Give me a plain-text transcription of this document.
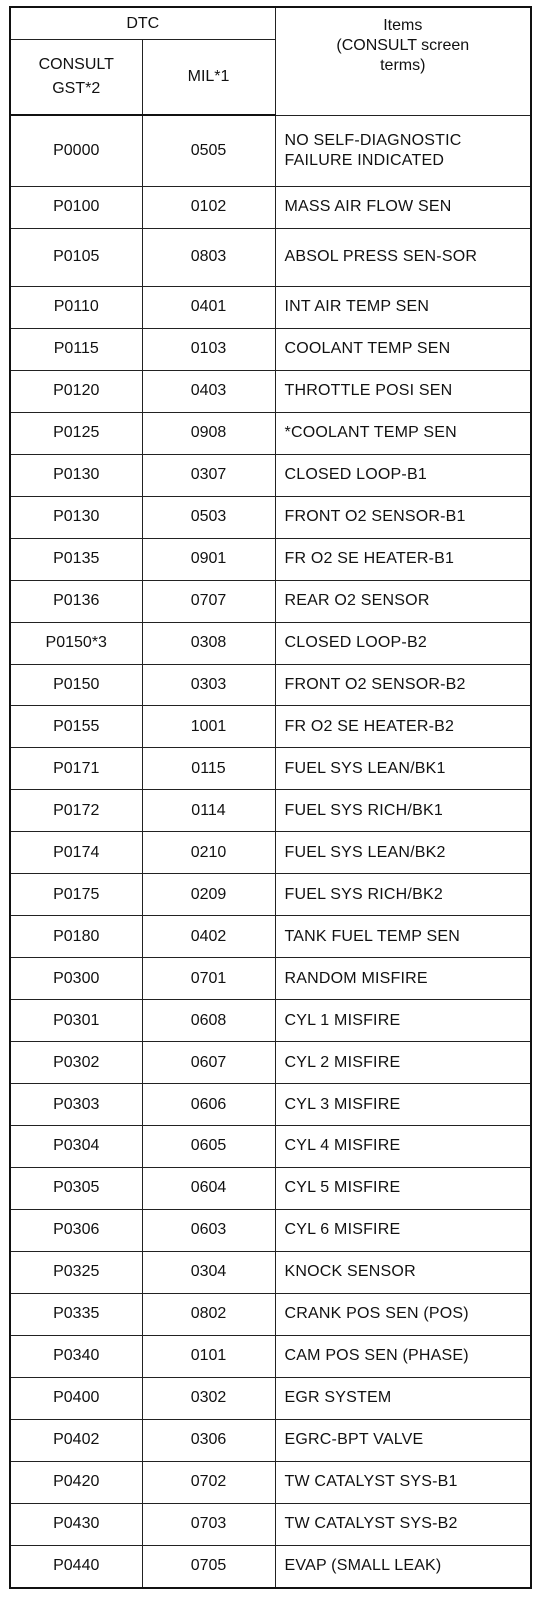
DTC		Items
(CONSULT screen
terms)

CONSULT GST*2	MIL*1	
P0000	0505	NO SELF-DIAGNOSTIC FAILURE INDICATED
P0100	0102	MASS AIR FLOW SEN
P0105	0803	ABSOL PRESS SEN-SOR
P0110	0401	INT AIR TEMP SEN
P0115	0103	COOLANT TEMP SEN
P0120	0403	THROTTLE POSI SEN
P0125	0908	*COOLANT TEMP SEN
P0130	0307	CLOSED LOOP-B1
P0130	0503	FRONT O2 SENSOR-B1
P0135	0901	FR O2 SE HEATER-B1
P0136	0707	REAR O2 SENSOR
P0150*3	0308	CLOSED LOOP-B2
P0150	0303	FRONT O2 SENSOR-B2
P0155	1001	FR O2 SE HEATER-B2
P0171	0115	FUEL SYS LEAN/BK1
P0172	0114	FUEL SYS RICH/BK1
P0174	0210	FUEL SYS LEAN/BK2
P0175	0209	FUEL SYS RICH/BK2
P0180	0402	TANK FUEL TEMP SEN
P0300	0701	RANDOM MISFIRE
P0301	0608	CYL 1 MISFIRE
P0302	0607	CYL 2 MISFIRE
P0303	0606	CYL 3 MISFIRE
P0304	0605	CYL 4 MISFIRE
P0305	0604	CYL 5 MISFIRE
P0306	0603	CYL 6 MISFIRE
P0325	0304	KNOCK SENSOR
P0335	0802	CRANK POS SEN (POS)
P0340	0101	CAM POS SEN (PHASE)
P0400	0302	EGR SYSTEM
P0402	0306	EGRC-BPT VALVE
P0420	0702	TW CATALYST SYS-B1
P0430	0703	TW CATALYST SYS-B2
P0440	0705	EVAP (SMALL LEAK)
